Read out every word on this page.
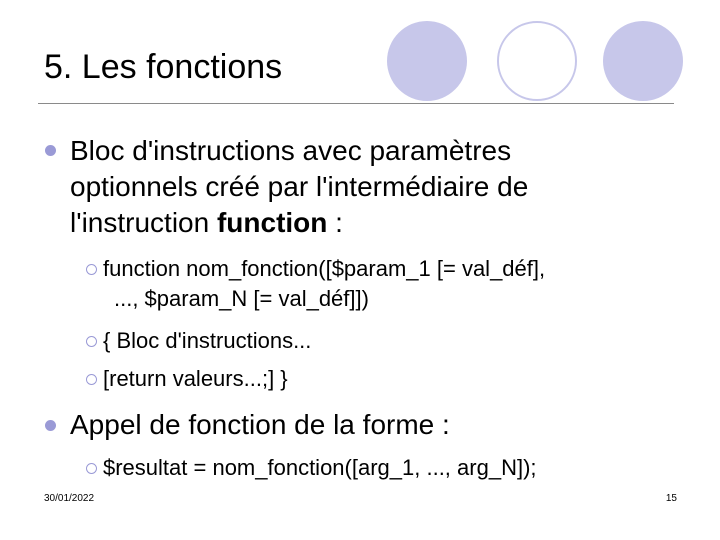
5. Les fonctions
Bloc d'instructions avec paramètres
optionnels créé par l'intermédiaire de
l'instruction function :
function nom_fonction([$param_1 [= val_déf],
..., $param_N [= val_déf]])
{ Bloc d'instructions...
[return valeurs...;] }
Appel de fonction de la forme :
$resultat = nom_fonction([arg_1, ..., arg_N]);
30/01/2022	15
